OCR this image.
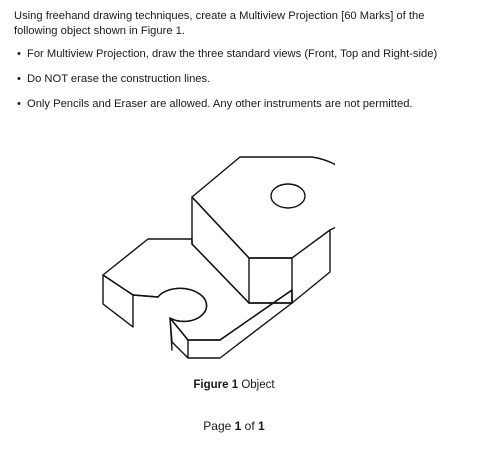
Using freehand drawing techniques, create a Multiview Projection [60 Marks] of the following object shown in Figure 1.

• For Multiview Projection, draw the three standard views (Front, Top and Right-side)
• Do NOT erase the construction lines.
• Only Pencils and Eraser are allowed. Any other instruments are not permitted.
Figure 1 Object
Page 1 of 1
